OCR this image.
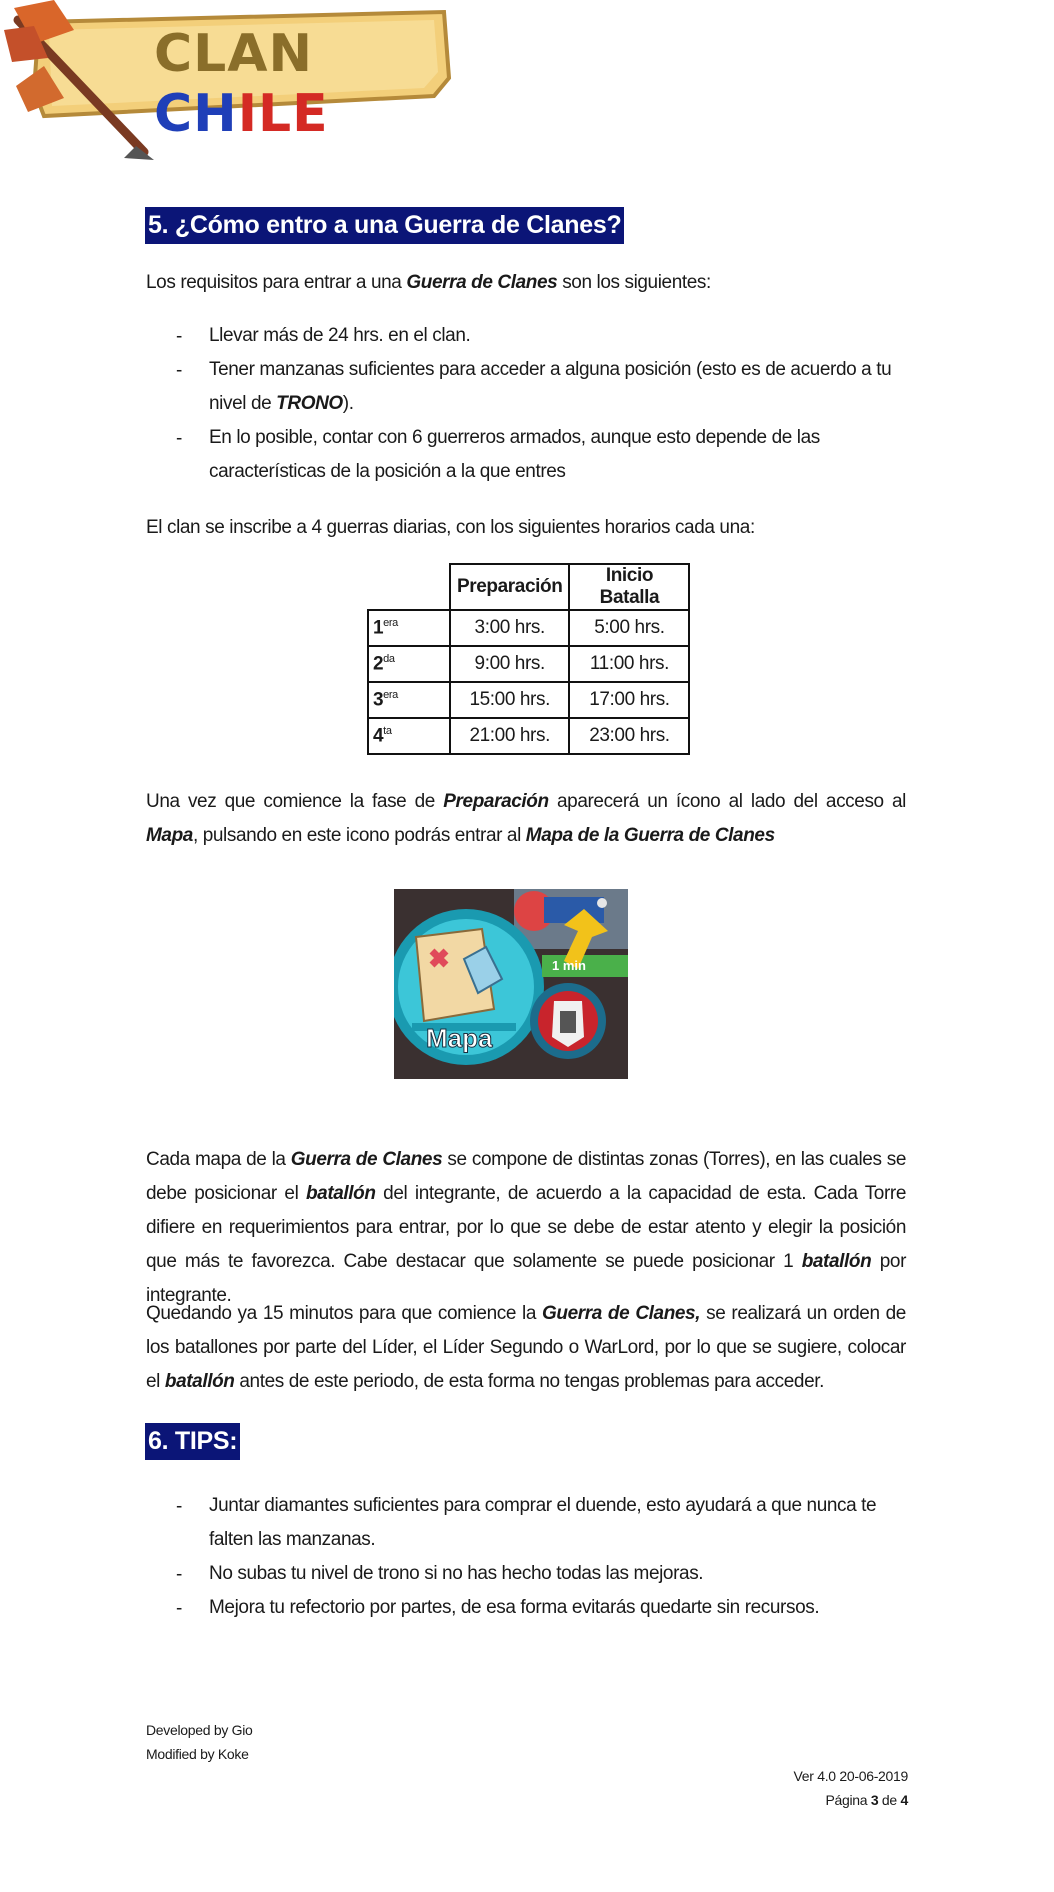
CLAN CHILE
5. ¿Cómo entro a una Guerra de Clanes?
Los requisitos para entrar a una Guerra de Clanes son los siguientes:
- Llevar más de 24 hrs. en el clan.
- Tener manzanas suficientes para acceder a alguna posición (esto es de acuerdo a tu nivel de TRONO).
- En lo posible, contar con 6 guerreros armados, aunque esto depende de las características de la posición a la que entres
El clan se inscribe a 4 guerras diarias, con los siguientes horarios cada una:
	Preparación	Inicio Batalla
$1^{era}$	3:00 hrs.	5:00 hrs.
$2^{da}$	9:00 hrs.	11:00 hrs.
$3^{era}$	15:00 hrs.	17:00 hrs.
$4^{ta}$	21:00 hrs.	23:00 hrs.
Una vez que comience la fase de Preparación aparecerá un ícono al lado del acceso al Mapa, pulsando en este icono podrás entrar al Mapa de la Guerra de Clanes
Mapa
1 min
Cada mapa de la Guerra de Clanes se compone de distintas zonas (Torres), en las cuales se debe posicionar el batallón del integrante, de acuerdo a la capacidad de esta. Cada Torre difiere en requerimientos para entrar, por lo que se debe de estar atento y elegir la posición que más te favorezca. Cabe destacar que solamente se puede posicionar 1 batallón por integrante.
Quedando ya 15 minutos para que comience la Guerra de Clanes, se realizará un orden de los batallones por parte del Líder, el Líder Segundo o WarLord, por lo que se sugiere, colocar el batallón antes de este periodo, de esta forma no tengas problemas para acceder.
6. TIPS:
- Juntar diamantes suficientes para comprar el duende, esto ayudará a que nunca te falten las manzanas.
- No subas tu nivel de trono si no has hecho todas las mejoras.
- Mejora tu refectorio por partes, de esa forma evitarás quedarte sin recursos.
Developed by Gio
Modified by Koke
Ver 4.0 20-06-2019
Página 3 de 4
